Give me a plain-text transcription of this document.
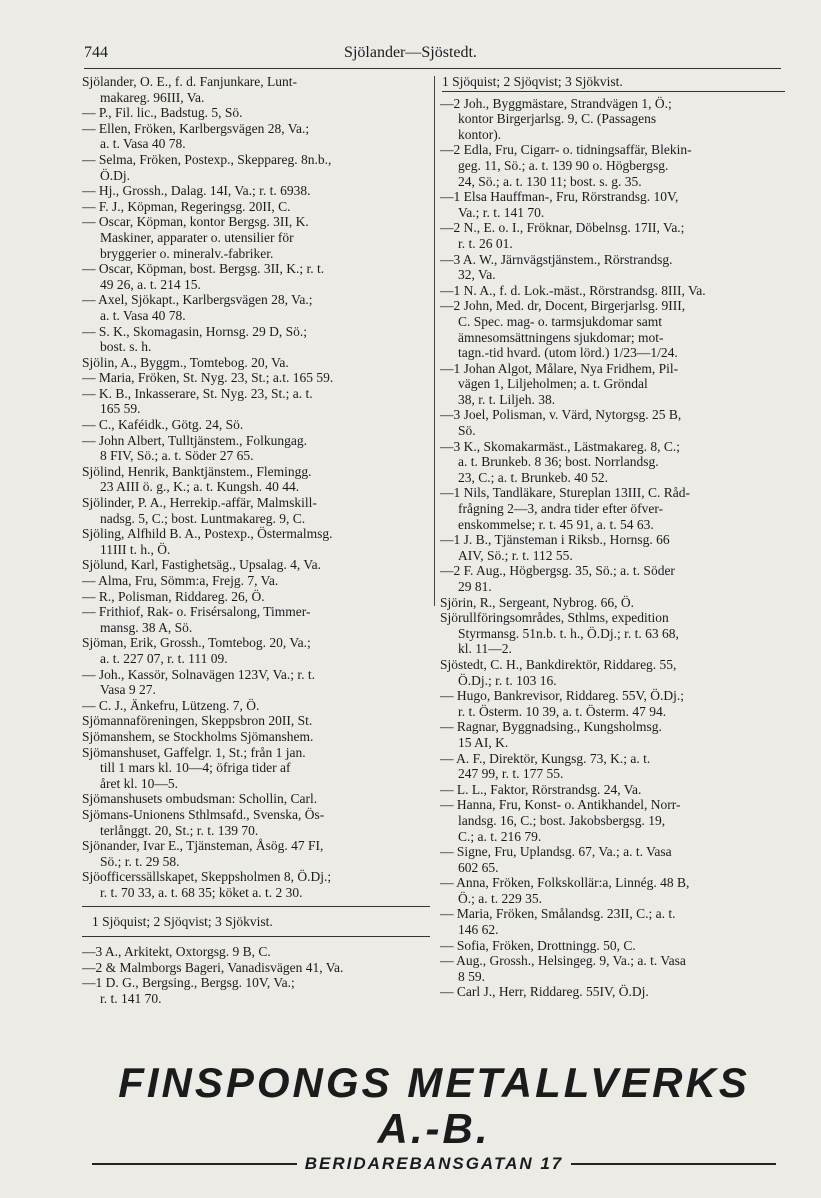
744	Sjölander—Sjöstedt.
Sjölander, O. E., f. d. Fanjunkare, Lunt-
makareg. 96III, Va.
— P., Fil. lic., Badstug. 5, Sö.
— Ellen, Fröken, Karlbergsvägen 28, Va.;
a. t. Vasa 40 78.
— Selma, Fröken, Postexp., Skeppareg. 8n.b.,
Ö.Dj.
— Hj., Grossh., Dalag. 14I, Va.; r. t. 6938.
— F. J., Köpman, Regeringsg. 20II, C.
— Oscar, Köpman, kontor Bergsg. 3II, K.
Maskiner, apparater o. utensilier för
bryggerier o. mineralv.-fabriker.
— Oscar, Köpman, bost. Bergsg. 3II, K.; r. t.
49 26, a. t. 214 15.
— Axel, Sjökapt., Karlbergsvägen 28, Va.;
a. t. Vasa 40 78.
— S. K., Skomagasin, Hornsg. 29 D, Sö.;
bost. s. h.
Sjölin, A., Byggm., Tomtebog. 20, Va.
— Maria, Fröken, St. Nyg. 23, St.; a.t. 165 59.
— K. B., Inkasserare, St. Nyg. 23, St.; a. t.
165 59.
— C., Kaféidk., Götg. 24, Sö.
— John Albert, Tulltjänstem., Folkungag.
8 FIV, Sö.; a. t. Söder 27 65.
Sjölind, Henrik, Banktjänstem., Flemingg.
23 AIII ö. g., K.; a. t. Kungsh. 40 44.
Sjölinder, P. A., Herrekip.-affär, Malmskill-
nadsg. 5, C.; bost. Luntmakareg. 9, C.
Sjöling, Alfhild B. A., Postexp., Östermalmsg.
11III t. h., Ö.
Sjölund, Karl, Fastighetsäg., Upsalag. 4, Va.
— Alma, Fru, Sömm:a, Frejg. 7, Va.
— R., Polisman, Riddareg. 26, Ö.
— Frithiof, Rak- o. Frisérsalong, Timmer-
mansg. 38 A, Sö.
Sjöman, Erik, Grossh., Tomtebog. 20, Va.;
a. t. 227 07, r. t. 111 09.
— Joh., Kassör, Solnavägen 123V, Va.; r. t.
Vasa 9 27.
— C. J., Änkefru, Lützeng. 7, Ö.
Sjömannaföreningen, Skeppsbron 20II, St.
Sjömanshem, se Stockholms Sjömanshem.
Sjömanshuset, Gaffelgr. 1, St.; från 1 jan.
till 1 mars kl. 10—4; öfriga tider af
året kl. 10—5.
Sjömanshusets ombudsman: Schollin, Carl.
Sjömans-Unionens Sthlmsafd., Svenska, Ös-
terlånggt. 20, St.; r. t. 139 70.
Sjönander, Ivar E., Tjänsteman, Åsög. 47 FI,
Sö.; r. t. 29 58.
Sjöofficerssällskapet, Skeppsholmen 8, Ö.Dj.;
r. t. 70 33, a. t. 68 35; köket a. t. 2 30.
1 Sjöquist; 2 Sjöqvist; 3 Sjökvist.
—3 A., Arkitekt, Oxtorgsg. 9 B, C.
—2 & Malmborgs Bageri, Vanadisvägen 41, Va.
—1 D. G., Bergsing., Bergsg. 10V, Va.;
r. t. 141 70.
1 Sjöquist; 2 Sjöqvist; 3 Sjökvist.
—2 Joh., Byggmästare, Strandvägen 1, Ö.;
kontor Birgerjarlsg. 9, C. (Passagens
kontor).
—2 Edla, Fru, Cigarr- o. tidningsaffär, Blekin-
geg. 11, Sö.; a. t. 139 90 o. Högbergsg.
24, Sö.; a. t. 130 11; bost. s. g. 35.
—1 Elsa Hauffman-, Fru, Rörstrandsg. 10V,
Va.; r. t. 141 70.
—2 N., E. o. I., Fröknar, Döbelnsg. 17II, Va.;
r. t. 26 01.
—3 A. W., Järnvägstjänstem., Rörstrandsg.
32, Va.
—1 N. A., f. d. Lok.-mäst., Rörstrandsg. 8III, Va.
—2 John, Med. dr, Docent, Birgerjarlsg. 9III,
C. Spec. mag- o. tarmsjukdomar samt
ämnesomsättningens sjukdomar; mot-
tagn.-tid hvard. (utom lörd.) 1/23—1/24.
—1 Johan Algot, Målare, Nya Fridhem, Pil-
vägen 1, Liljeholmen; a. t. Gröndal
38, r. t. Liljeh. 38.
—3 Joel, Polisman, v. Värd, Nytorgsg. 25 B,
Sö.
—3 K., Skomakarmäst., Lästmakareg. 8, C.;
a. t. Brunkeb. 8 36; bost. Norrlandsg.
23, C.; a. t. Brunkeb. 40 52.
—1 Nils, Tandläkare, Stureplan 13III, C. Råd-
frågning 2—3, andra tider efter öfver-
enskommelse; r. t. 45 91, a. t. 54 63.
—1 J. B., Tjänsteman i Riksb., Hornsg. 66
AIV, Sö.; r. t. 112 55.
—2 F. Aug., Högbergsg. 35, Sö.; a. t. Söder
29 81.
Sjörin, R., Sergeant, Nybrog. 66, Ö.
Sjörullföringsområdes, Sthlms, expedition
Styrmansg. 51n.b. t. h., Ö.Dj.; r. t. 63 68,
kl. 11—2.
Sjöstedt, C. H., Bankdirektör, Riddareg. 55,
Ö.Dj.; r. t. 103 16.
— Hugo, Bankrevisor, Riddareg. 55V, Ö.Dj.;
r. t. Österm. 10 39, a. t. Österm. 47 94.
— Ragnar, Byggnadsing., Kungsholmsg.
15 AI, K.
— A. F., Direktör, Kungsg. 73, K.; a. t.
247 99, r. t. 177 55.
— L. L., Faktor, Rörstrandsg. 24, Va.
— Hanna, Fru, Konst- o. Antikhandel, Norr-
landsg. 16, C.; bost. Jakobsbergsg. 19,
C.; a. t. 216 79.
— Signe, Fru, Uplandsg. 67, Va.; a. t. Vasa
602 65.
— Anna, Fröken, Folkskollär:a, Linnég. 48 B,
Ö.; a. t. 229 35.
— Maria, Fröken, Smålandsg. 23II, C.; a. t.
146 62.
— Sofia, Fröken, Drottningg. 50, C.
— Aug., Grossh., Helsingeg. 9, Va.; a. t. Vasa
8 59.
— Carl J., Herr, Riddareg. 55IV, Ö.Dj.
FINSPONGS METALLVERKS A.-B.
BERIDAREBANSGATAN 17
